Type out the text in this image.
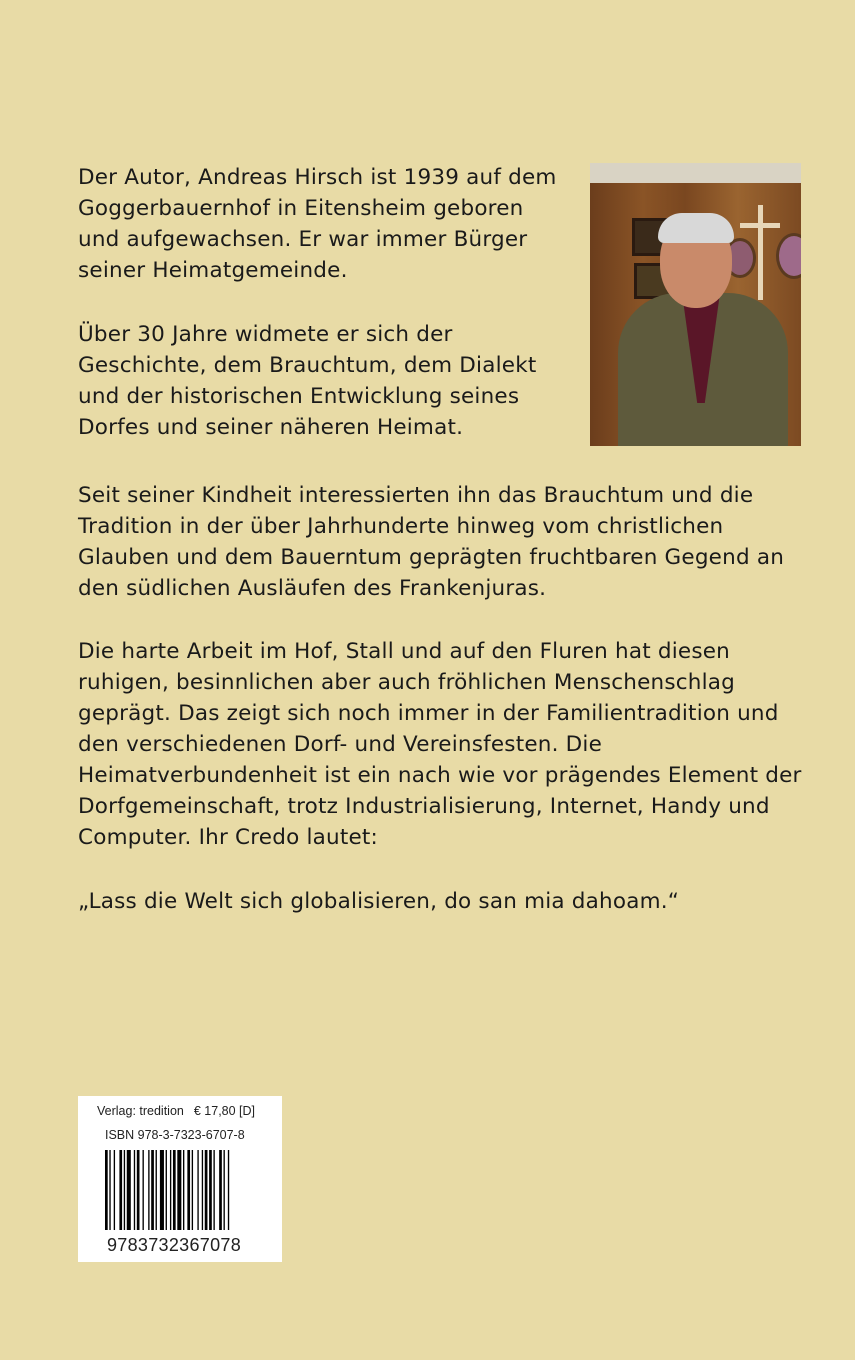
Der Autor, Andreas Hirsch ist 1939 auf dem Goggerbauernhof in Eitensheim geboren und aufgewachsen. Er war immer Bürger seiner Heimatgemeinde.

Über 30 Jahre widmete er sich der Geschichte, dem Brauchtum, dem Dialekt und der historischen Entwicklung seines Dorfes und seiner näheren Heimat.

Seit seiner Kindheit interessierten ihn das Brauchtum und die Tradition in der über Jahrhunderte hinweg vom christlichen Glauben und dem Bauerntum geprägten fruchtbaren Gegend an den südlichen Ausläufen des Frankenjuras.

Die harte Arbeit im Hof, Stall und auf den Fluren hat diesen ruhigen, besinnlichen aber auch fröhlichen Menschenschlag geprägt. Das zeigt sich noch immer in der Familientradition und den verschiedenen Dorf- und Vereinsfesten. Die Heimatverbundenheit ist ein nach wie vor prägendes Element der Dorfgemeinschaft, trotz Industrialisierung, Internet, Handy und Computer. Ihr Credo lautet:

„Lass die Welt sich globalisieren, do san mia dahoam.“

Verlag: tredition € 17,80 [D]
ISBN 978-3-7323-6707-8
9783732367078
